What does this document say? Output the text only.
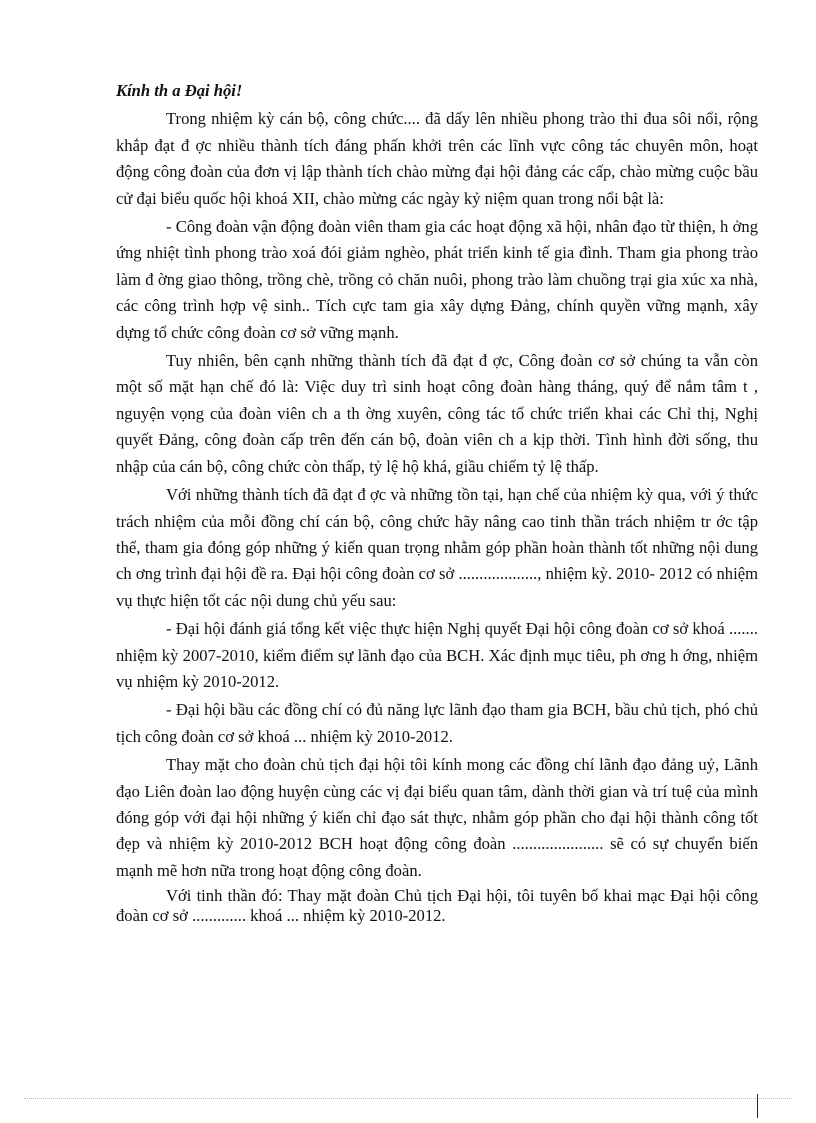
Kính th a Đại hội!

Trong nhiệm kỳ cán bộ, công chức.... đã dấy lên nhiều phong trào thi đua sôi nổi, rộng khắp đạt đ ợc nhiều thành tích đáng phấn khởi trên các lĩnh vực công tác chuyên môn, hoạt động công đoàn của đơn vị lập thành tích chào mừng đại hội đảng các cấp, chào mừng cuộc bầu cử đại biểu quốc hội khoá XII, chào mừng các ngày kỷ niệm quan trong nổi bật là:

- Công đoàn vận động đoàn viên tham gia các hoạt động xã hội, nhân đạo từ thiện, h ởng ứng nhiệt tình phong trào xoá đói giảm nghèo, phát triển kinh tế gia đình. Tham gia phong trào làm đ ờng giao thông, trồng chè, trồng cỏ chăn nuôi, phong trào làm chuồng trại gia xúc xa nhà, các công trình hợp vệ sinh.. Tích cực tam gia xây dựng Đảng, chính quyền vững mạnh, xây dựng tổ chức công đoàn cơ sở vững mạnh.

Tuy nhiên, bên cạnh những thành tích đã đạt đ ợc, Công đoàn cơ sở chúng ta vẫn còn một số mặt hạn chế đó là: Việc duy trì sinh hoạt công đoàn hàng tháng, quý để nắm tâm t , nguyện vọng của đoàn viên ch a th ờng xuyên, công tác tổ chức triển khai các Chỉ thị, Nghị quyết Đảng, công đoàn cấp trên đến cán bộ, đoàn viên ch a kịp thời. Tình hình đời sống, thu nhập của cán bộ, công chức còn thấp, tỷ lệ hộ khá, giầu chiếm tỷ lệ thấp.

Với những thành tích đã đạt đ ợc và những tồn tại, hạn chế của nhiệm kỳ qua, với ý thức trách nhiệm của mỗi đồng chí cán bộ, công chức hãy nâng cao tinh thần trách nhiệm tr ớc tập thể, tham gia đóng góp những ý kiến quan trọng nhằm góp phần hoàn thành tốt những nội dung ch ơng trình đại hội đề ra. Đại hội công đoàn cơ sở ..................., nhiệm kỳ. 2010- 2012 có nhiệm vụ thực hiện tốt các nội dung chủ yếu sau:

- Đại hội đánh giá tổng kết việc thực hiện Nghị quyết Đại hội công đoàn cơ sở khoá ....... nhiệm kỳ 2007-2010, kiểm điểm sự lãnh đạo của BCH. Xác định mục tiêu, ph ơng h ớng, nhiệm vụ nhiệm kỳ 2010-2012.

- Đại hội bầu các đồng chí có đủ năng lực lãnh đạo tham gia BCH, bầu chủ tịch, phó chủ tịch công đoàn cơ sở khoá ... nhiệm kỳ 2010-2012.

Thay mặt cho đoàn chủ tịch đại hội tôi kính mong các đồng chí lãnh đạo đảng uỷ, Lãnh đạo Liên đoàn lao động huyện cùng các vị đại biểu quan tâm, dành thời gian và trí tuệ của mình đóng góp với đại hội những ý kiến chỉ đạo sát thực, nhằm góp phần cho đại hội thành công tốt đẹp và nhiệm kỳ 2010-2012 BCH hoạt động công đoàn ...................... sẽ có sự chuyển biến mạnh mẽ hơn nữa trong hoạt động công đoàn.

Với tinh thần đó: Thay mặt đoàn Chủ tịch Đại hội, tôi tuyên bố khai mạc Đại hội công đoàn cơ sở ............. khoá ... nhiệm kỳ 2010-2012.
